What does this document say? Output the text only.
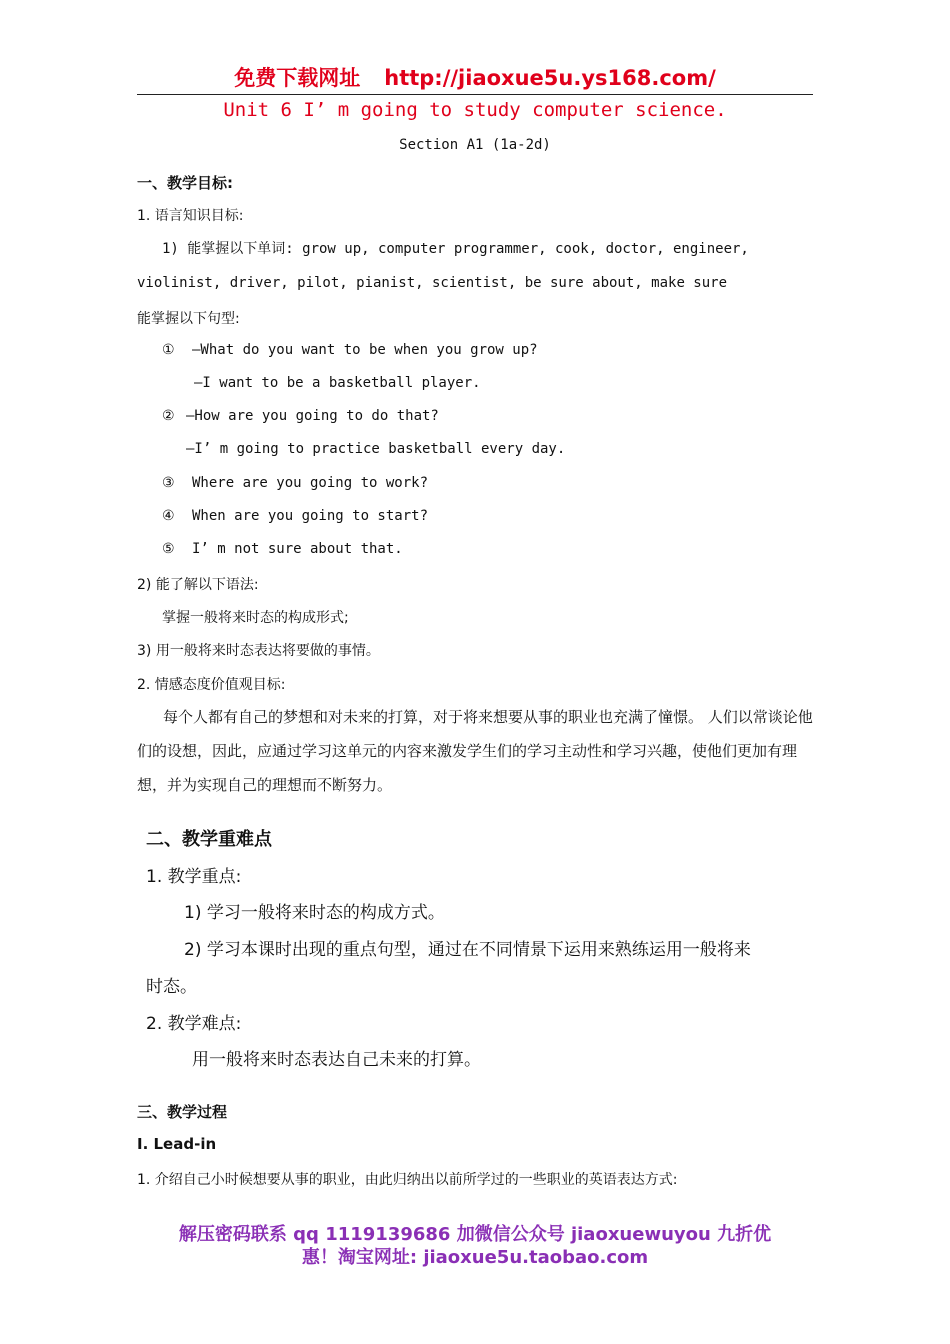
免费下载网址 http://jiaoxue5u.ys168.com/
Unit 6 I’ m going to study computer science.
Section A1 (1a-2d)
一、教学目标:
1. 语言知识目标:
1) 能掌握以下单词: grow up, computer programmer, cook, doctor, engineer,
violinist, driver, pilot, pianist, scientist, be sure about, make sure
能掌握以下句型:
① —What do you want to be when you grow up?
—I want to be a basketball player.
② —How are you going to do that?
—I’ m going to practice basketball every day.
③ Where are you going to work?
④ When are you going to start?
⑤ I’ m not sure about that.
2) 能了解以下语法:
掌握一般将来时态的构成形式;
3) 用一般将来时态表达将要做的事情。
2. 情感态度价值观目标:
每个人都有自己的梦想和对未来的打算，对于将来想要从事的职业也充满了憧憬。 人们以常谈论他们的设想，因此，应通过学习这单元的内容来激发学生们的学习主动性和学习兴趣，使他们更加有理想，并为实现自己的理想而不断努力。
二、教学重难点
1. 教学重点:
1) 学习一般将来时态的构成方式。
2) 学习本课时出现的重点句型，通过在不同情景下运用来熟练运用一般将来
时态。
2. 教学难点:
用一般将来时态表达自己未来的打算。
三、教学过程
Ⅰ. Lead-in
1. 介绍自己小时候想要从事的职业，由此归纳出以前所学过的一些职业的英语表达方式:
解压密码联系 qq 1119139686 加微信公众号 jiaoxuewuyou 九折优
惠！淘宝网址: jiaoxue5u.taobao.com
